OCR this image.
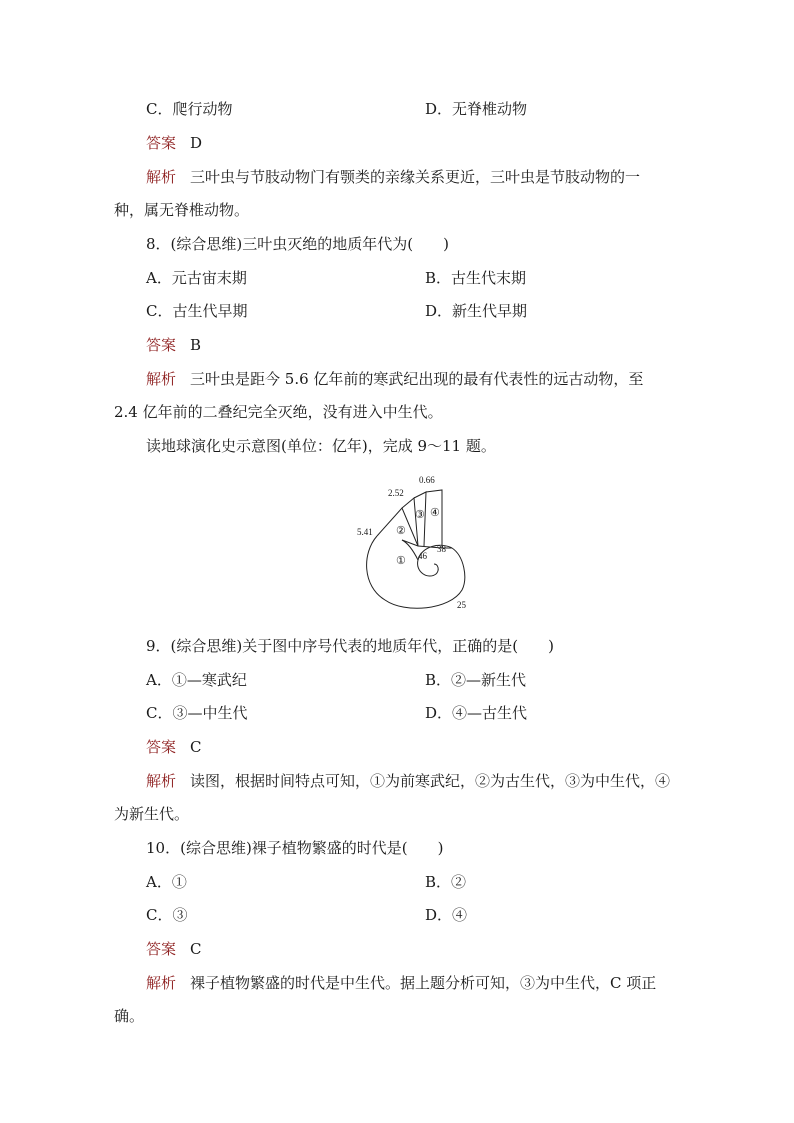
C．爬行动物	D．无脊椎动物
答案 D
解析 三叶虫与节肢动物门有颚类的亲缘关系更近，三叶虫是节肢动物的一
种，属无脊椎动物。
8．(综合思维)三叶虫灭绝的地质年代为(　　)
A．元古宙末期	B．古生代末期
C．古生代早期	D．新生代早期
答案 B
解析 三叶虫是距今 5.6 亿年前的寒武纪出现的最有代表性的远古动物，至
2.4 亿年前的二叠纪完全灭绝，没有进入中生代。
读地球演化史示意图(单位：亿年)，完成 9～11 题。
0.66
2.52
5.41
46
38
25
①
②
③ ④
9．(综合思维)关于图中序号代表的地质年代，正确的是(　　)
A．①—寒武纪	B．②—新生代
C．③—中生代	D．④—古生代
答案 C
解析 读图，根据时间特点可知，①为前寒武纪，②为古生代，③为中生代，④
为新生代。
10．(综合思维)裸子植物繁盛的时代是(　　)
A．①	B．②
C．③	D．④
答案 C
解析 裸子植物繁盛的时代是中生代。据上题分析可知，③为中生代，C 项正
确。
